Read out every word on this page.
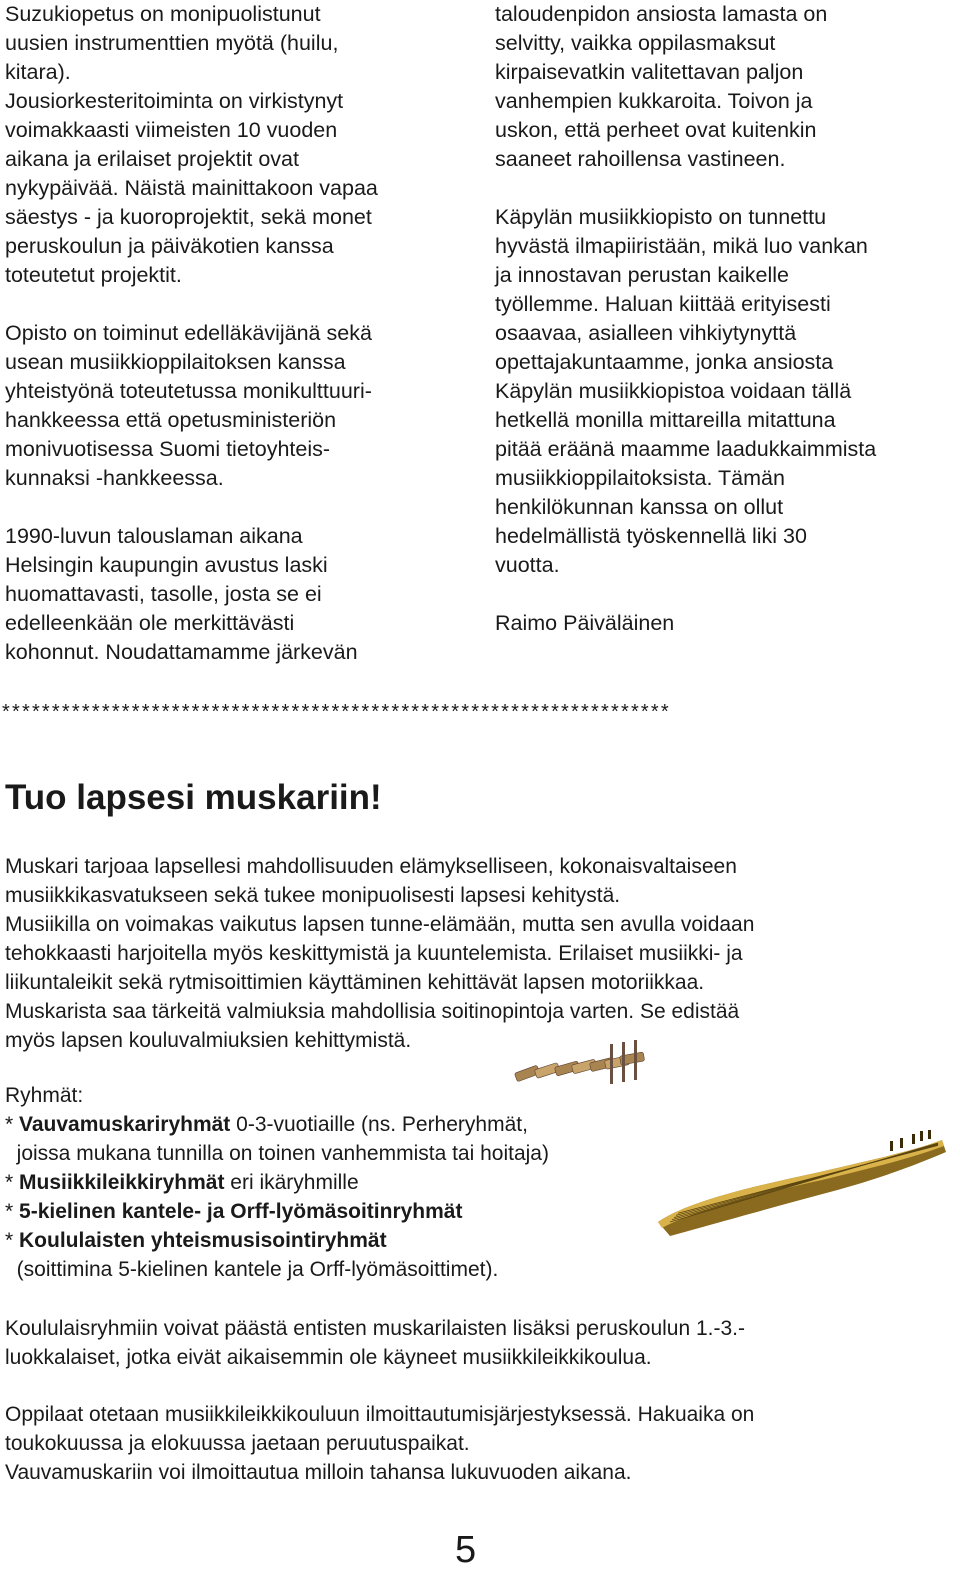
Suzukiopetus on monipuolistunut
uusien instrumenttien myötä (huilu,
kitara).
Jousiorkesteritoiminta on virkistynyt
voimakkaasti viimeisten 10 vuoden
aikana ja erilaiset projektit ovat
nykypäivää. Näistä mainittakoon vapaa
säestys - ja kuoroprojektit, sekä monet
peruskoulun ja päiväkotien kanssa
toteutetut projektit.

Opisto on toiminut edelläkävijänä sekä
usean musiikkioppilaitoksen kanssa
yhteistyönä toteutetussa monikulttuuri-
hankkeessa että opetusministeriön
monivuotisessa Suomi tietoyhteis-
kunnaksi -hankkeessa.

1990-luvun talouslaman aikana
Helsingin kaupungin avustus laski
huomattavasti, tasolle, josta se ei
edelleenkään ole merkittävästi
kohonnut. Noudattamamme järkevän

taloudenpidon ansiosta lamasta on
selvitty, vaikka oppilasmaksut
kirpaisevatkin valitettavan paljon
vanhempien kukkaroita. Toivon ja
uskon, että perheet ovat kuitenkin
saaneet rahoillensa vastineen.

Käpylän musiikkiopisto on tunnettu
hyvästä ilmapiiristään, mikä luo vankan
ja innostavan perustan kaikelle
työllemme. Haluan kiittää erityisesti
osaavaa, asialleen vihkiytynyttä
opettajakuntaamme, jonka ansiosta
Käpylän musiikkiopistoa voidaan tällä
hetkellä monilla mittareilla mitattuna
pitää eräänä maamme laadukkaimmista
musiikkioppilaitoksista. Tämän
henkilökunnan kanssa on ollut
hedelmällistä työskennellä liki 30
vuotta.

Raimo Päiväläinen

*******************************************************************
Tuo lapsesi muskariin!

Muskari tarjoaa lapsellesi mahdollisuuden elämykselliseen, kokonaisvaltaiseen
musiikkikasvatukseen sekä tukee monipuolisesti lapsesi kehitystä.
Musiikilla on voimakas vaikutus lapsen tunne-elämään, mutta sen avulla voidaan
tehokkaasti harjoitella myös keskittymistä ja kuuntelemista. Erilaiset musiikki- ja
liikuntaleikit sekä rytmisoittimien käyttäminen kehittävät lapsen motoriikkaa.
Muskarista saa tärkeitä valmiuksia mahdollisia soitinopintoja varten. Se edistää
myös lapsen kouluvalmiuksien kehittymistä.

Ryhmät:

* Vauvamuskariryhmät 0-3-vuotiaille (ns. Perheryhmät,
joissa mukana tunnilla on toinen vanhemmista tai hoitaja)
* Musiikkileikkiryhmät eri ikäryhmille
* 5-kielinen kantele- ja Orff-lyömäsoitinryhmät
* Koululaisten yhteismusisointiryhmät
(soittimina 5-kielinen kantele ja Orff-lyömäsoittimet).

Koululaisryhmiin voivat päästä entisten muskarilaisten lisäksi peruskoulun 1.-3.-
luokkalaiset, jotka eivät aikaisemmin ole käyneet musiikkileikkikoulua.

Oppilaat otetaan musiikkileikkikouluun ilmoittautumisjärjestyksessä. Hakuaika on
toukokuussa ja elokuussa jaetaan peruutuspaikat.
Vauvamuskariin voi ilmoittautua milloin tahansa lukuvuoden aikana.

5
